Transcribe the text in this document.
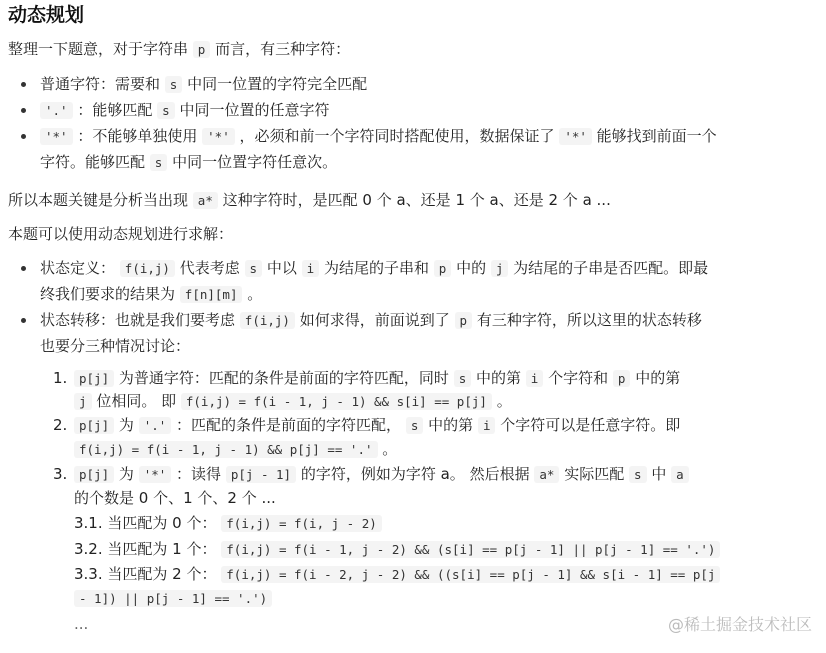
动态规划
整理一下题意，对于字符串 p 而言，有三种字符：
普通字符：需要和 s 中同一位置的字符完全匹配
'.' ：能够匹配 s 中同一位置的任意字符
'*' ：不能够单独使用 '*' ，必须和前一个字符同时搭配使用，数据保证了 '*' 能够找到前面一个
字符。能够匹配 s 中同一位置字符任意次。
所以本题关键是分析当出现 a* 这种字符时，是匹配 0 个 a、还是 1 个 a、还是 2 个 a ...
本题可以使用动态规划进行求解：
状态定义： f(i,j) 代表考虑 s 中以 i 为结尾的子串和 p 中的 j 为结尾的子串是否匹配。即最
终我们要求的结果为 f[n][m] 。
状态转移：也就是我们要考虑 f(i,j) 如何求得，前面说到了 p 有三种字符，所以这里的状态转移
也要分三种情况讨论：
1. p[j] 为普通字符：匹配的条件是前面的字符匹配，同时 s 中的第 i 个字符和 p 中的第
j 位相同。 即 f(i,j) = f(i - 1, j - 1) && s[i] == p[j] 。
2. p[j] 为 '.' ：匹配的条件是前面的字符匹配， s 中的第 i 个字符可以是任意字符。即
f(i,j) = f(i - 1, j - 1) && p[j] == '.' 。
3. p[j] 为 '*' ：读得 p[j - 1] 的字符，例如为字符 a。 然后根据 a* 实际匹配 s 中 a
的个数是 0 个、1 个、2 个 ...
3.1. 当匹配为 0 个： f(i,j) = f(i, j - 2)
3.2. 当匹配为 1 个： f(i,j) = f(i - 1, j - 2) && (s[i] == p[j - 1] || p[j - 1] == '.')
3.3. 当匹配为 2 个： f(i,j) = f(i - 2, j - 2) && ((s[i] == p[j - 1] && s[i - 1] == p[j
- 1]) || p[j - 1] == '.')
...	@稀土掘金技术社区
